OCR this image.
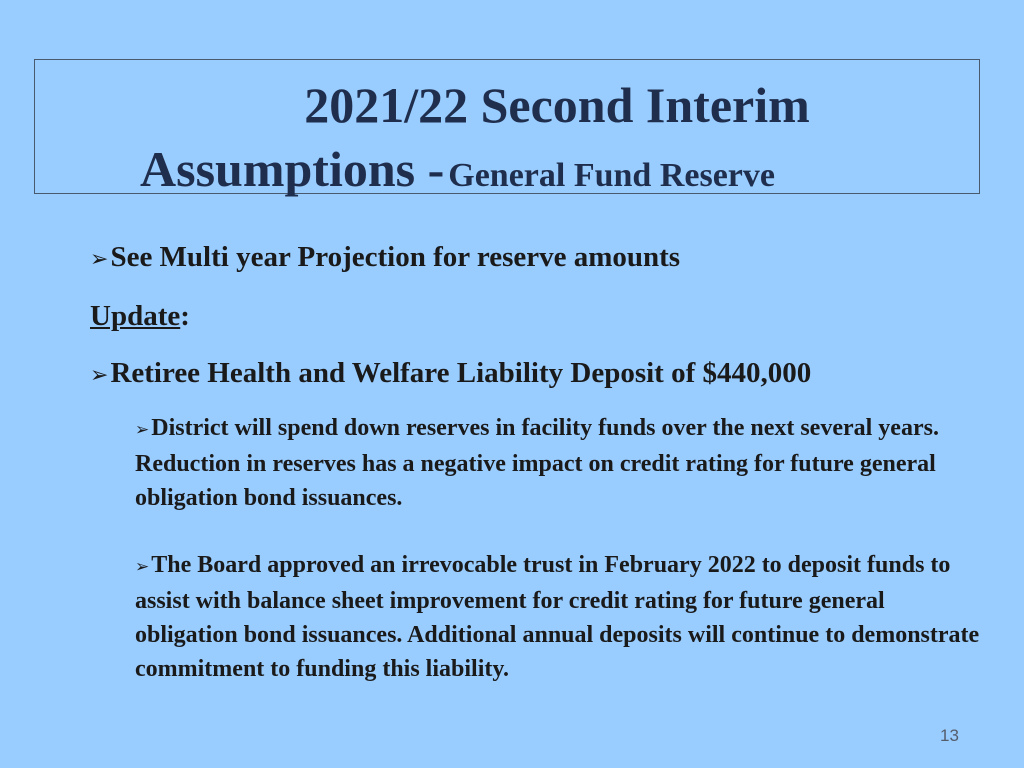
2021/22 Second Interim
Assumptions - General Fund Reserve
➢See Multi year Projection for reserve amounts
Update:
➢Retiree Health and Welfare Liability Deposit of $440,000
➢District will spend down reserves in facility funds over the next several years. Reduction in reserves has a negative impact on credit rating for future general obligation bond issuances.
➢The Board approved an irrevocable trust in February 2022 to deposit funds to assist with balance sheet improvement for credit rating for future general obligation bond issuances. Additional annual deposits will continue to demonstrate commitment to funding this liability.
13
